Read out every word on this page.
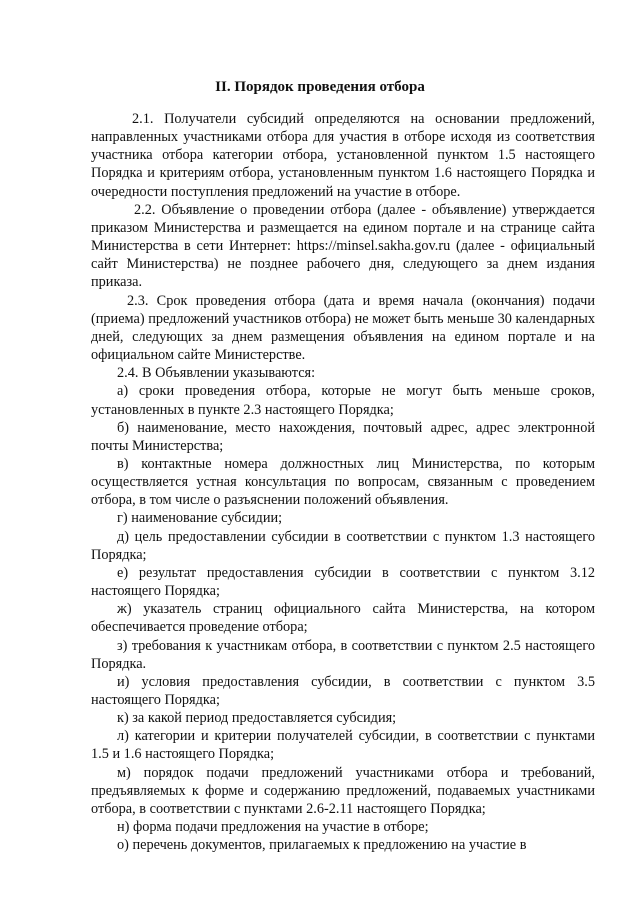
II. Порядок проведения отбора

2.1. Получатели субсидий определяются на основании предложений, направленных участниками отбора для участия в отборе исходя из соответствия участника отбора категории отбора, установленной пунктом 1.5 настоящего Порядка и критериям отбора, установленным пунктом 1.6 настоящего Порядка и очередности поступления предложений на участие в отборе.

2.2. Объявление о проведении отбора (далее - объявление) утверждается приказом Министерства и размещается на едином портале и на странице сайта Министерства в сети Интернет: https://minsel.sakha.gov.ru (далее - официальный сайт Министерства) не позднее рабочего дня, следующего за днем издания приказа.

2.3. Срок проведения отбора (дата и время начала (окончания) подачи (приема) предложений участников отбора) не может быть меньше 30 календарных дней, следующих за днем размещения объявления на едином портале и на официальном сайте Министерстве.

2.4. В Объявлении указываются:

а) сроки проведения отбора, которые не могут быть меньше сроков, установленных в пункте 2.3 настоящего Порядка;

б) наименование, место нахождения, почтовый адрес, адрес электронной почты Министерства;

в) контактные номера должностных лиц Министерства, по которым осуществляется устная консультация по вопросам, связанным с проведением отбора, в том числе о разъяснении положений объявления.

г) наименование субсидии;

д) цель предоставлении субсидии в соответствии с пунктом 1.3 настоящего Порядка;

е) результат предоставления субсидии в соответствии с пунктом 3.12 настоящего Порядка;

ж) указатель страниц официального сайта Министерства, на котором обеспечивается проведение отбора;

з) требования к участникам отбора, в соответствии с пунктом 2.5 настоящего Порядка.

и) условия предоставления субсидии, в соответствии с пунктом 3.5 настоящего Порядка;

к) за какой период предоставляется субсидия;

л) категории и критерии получателей субсидии, в соответствии с пунктами 1.5 и 1.6 настоящего Порядка;

м) порядок подачи предложений участниками отбора и требований, предъявляемых к форме и содержанию предложений, подаваемых участниками отбора, в соответствии с пунктами 2.6-2.11 настоящего Порядка;

н) форма подачи предложения на участие в отборе;

о) перечень документов, прилагаемых к предложению на участие в
